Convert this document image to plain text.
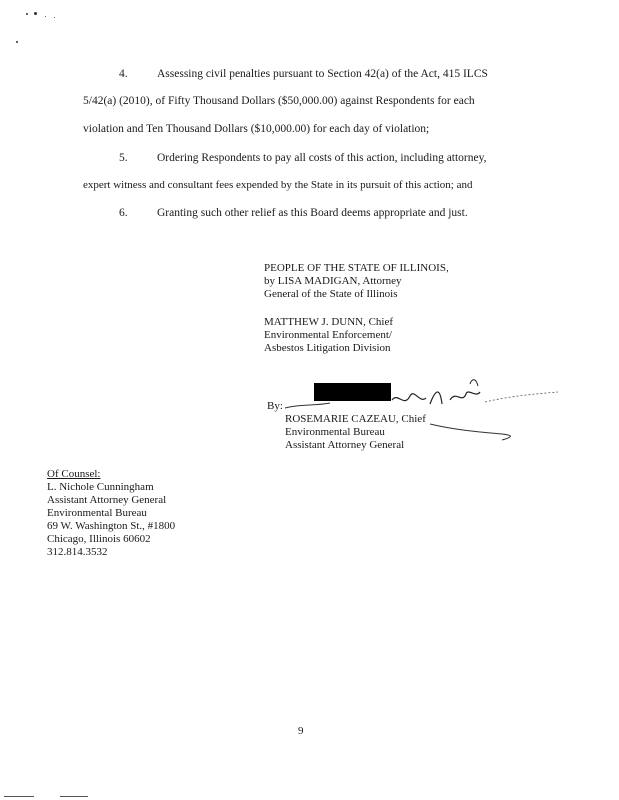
4.	Assessing civil penalties pursuant to Section 42(a) of the Act, 415 ILCS
5/42(a) (2010), of Fifty Thousand Dollars ($50,000.00) against Respondents for each
violation and Ten Thousand Dollars ($10,000.00) for each day of violation;
5.	Ordering Respondents to pay all costs of this action, including attorney,
expert witness and consultant fees expended by the State in its pursuit of this action; and
6.	Granting such other relief as this Board deems appropriate and just.
PEOPLE OF THE STATE OF ILLINOIS,
by LISA MADIGAN, Attorney
General of the State of Illinois
MATTHEW J. DUNN, Chief
Environmental Enforcement/
Asbestos Litigation Division
By:
ROSEMARIE CAZEAU, Chief
Environmental Bureau
Assistant Attorney General
Of Counsel:
L. Nichole Cunningham
Assistant Attorney General
Environmental Bureau
69 W. Washington St., #1800
Chicago, Illinois 60602
312.814.3532
9
